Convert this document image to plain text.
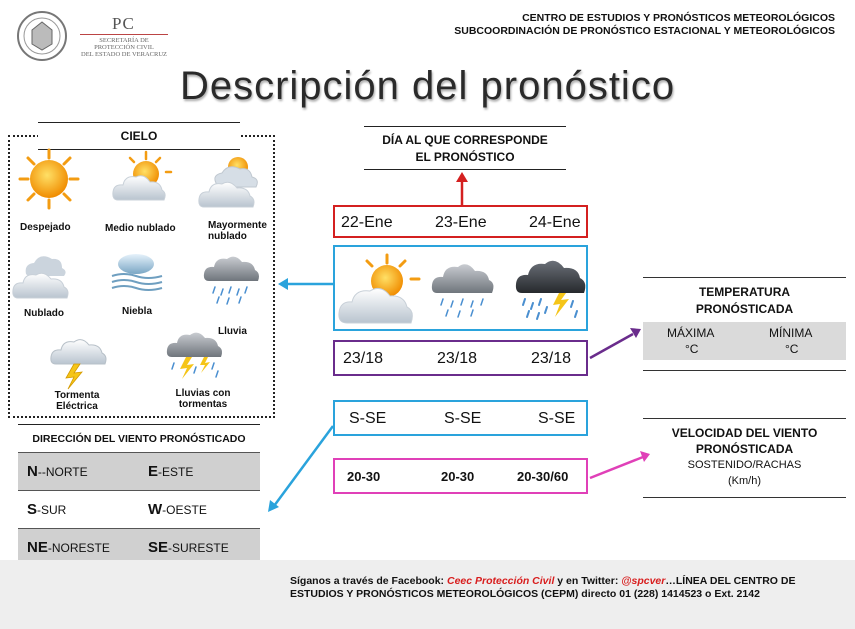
PC
SECRETARÍA DE
PROTECCIÓN CIVIL
DEL ESTADO DE VERACRUZ
CENTRO DE ESTUDIOS Y PRONÓSTICOS METEOROLÓGICOS
SUBCOORDINACIÓN DE PRONÓSTICO ESTACIONAL Y METEOROLÓGICOS
Descripción del pronóstico
CIELO
Despejado	Medio nublado	Mayormente nublado
Nublado	Niebla
Lluvia
Tormenta Eléctrica
Lluvias con tormentas
DIRECCIÓN DEL VIENTO PRONÓSTICADO
N--NORTE	E-ESTE
S-SUR	W-OESTE
NE-NORESTE	SE-SURESTE
DÍA AL QUE CORRESPONDE
EL PRONÓSTICO
22-Ene	23-Ene	24-Ene
23/18	23/18	23/18
S-SE	S-SE	S-SE
20-30	20-30	20-30/60
TEMPERATURA
PRONÓSTICADA
MÁXIMA
°C
MÍNIMA
°C
VELOCIDAD DEL VIENTO
PRONÓSTICADA
SOSTENIDO/RACHAS
(Km/h)
Síganos a través de Facebook: Ceec Protección Civil y en Twitter: @spcver…LÍNEA DEL CENTRO DE
ESTUDIOS Y PRONÓSTICOS METEOROLÓGICOS (CEPM) directo 01 (228) 1414523 o Ext. 2142
